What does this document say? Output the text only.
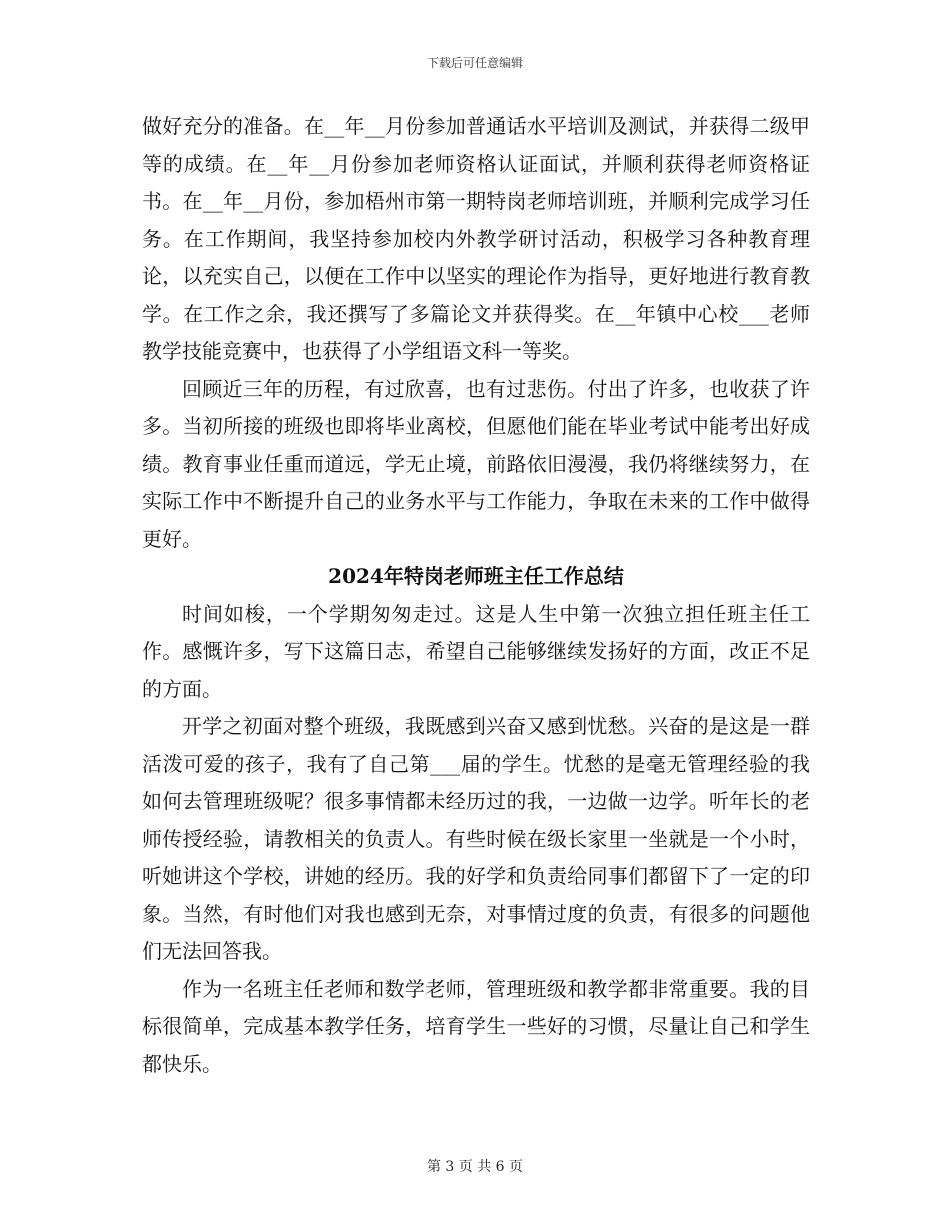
下载后可任意编辑

做好充分的准备。在__年__月份参加普通话水平培训及测试，并获得二级甲等的成绩。在__年__月份参加老师资格认证面试，并顺利获得老师资格证书。在__年__月份，参加梧州市第一期特岗老师培训班，并顺利完成学习任务。在工作期间，我坚持参加校内外教学研讨活动，积极学习各种教育理论，以充实自己，以便在工作中以坚实的理论作为指导，更好地进行教育教学。在工作之余，我还撰写了多篇论文并获得奖。在__年镇中心校___老师教学技能竞赛中，也获得了小学组语文科一等奖。

回顾近三年的历程，有过欣喜，也有过悲伤。付出了许多，也收获了许多。当初所接的班级也即将毕业离校，但愿他们能在毕业考试中能考出好成绩。教育事业任重而道远，学无止境，前路依旧漫漫，我仍将继续努力，在实际工作中不断提升自己的业务水平与工作能力，争取在未来的工作中做得更好。

2024年特岗老师班主任工作总结

时间如梭，一个学期匆匆走过。这是人生中第一次独立担任班主任工作。感慨许多，写下这篇日志，希望自己能够继续发扬好的方面，改正不足的方面。

开学之初面对整个班级，我既感到兴奋又感到忧愁。兴奋的是这是一群活泼可爱的孩子，我有了自己第___届的学生。忧愁的是毫无管理经验的我如何去管理班级呢？很多事情都未经历过的我，一边做一边学。听年长的老师传授经验，请教相关的负责人。有些时候在级长家里一坐就是一个小时，听她讲这个学校，讲她的经历。我的好学和负责给同事们都留下了一定的印象。当然，有时他们对我也感到无奈，对事情过度的负责，有很多的问题他们无法回答我。

作为一名班主任老师和数学老师，管理班级和教学都非常重要。我的目标很简单，完成基本教学任务，培育学生一些好的习惯，尽量让自己和学生都快乐。

第 3 页 共 6 页
